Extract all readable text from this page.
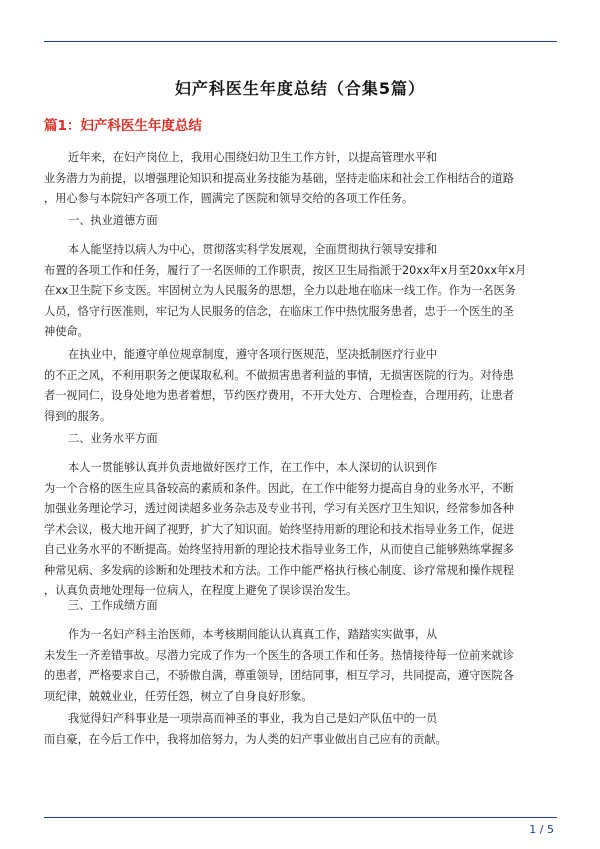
妇产科医生年度总结（合集5篇）
篇1：妇产科医生年度总结
近年来，在妇产岗位上，我用心围绕妇幼卫生工作方针，以提高管理水平和
业务潜力为前提，以增强理论知识和提高业务技能为基础，坚持走临床和社会工作相结合的道路
，用心参与本院妇产各项工作，圆满完了医院和领导交给的各项工作任务。
一、执业道德方面
本人能坚持以病人为中心，贯彻落实科学发展观，全面贯彻执行领导安排和
布置的各项工作和任务，履行了一名医师的工作职责，按区卫生局指派于20xx年x月至20xx年x月
在xx卫生院下乡支医。牢固树立为人民服务的思想，全力以赴地在临床一线工作。作为一名医务
人员，恪守行医准则，牢记为人民服务的信念，在临床工作中热忱服务患者，忠于一个医生的圣
神使命。
在执业中，能遵守单位规章制度，遵守各项行医规范，坚决抵制医疗行业中
的不正之风，不利用职务之便谋取私利。不做损害患者利益的事情，无损害医院的行为。对待患
者一视同仁，设身处地为患者着想，节约医疗费用，不开大处方、合理检查，合理用药，让患者
得到的服务。
二、业务水平方面
本人一贯能够认真并负责地做好医疗工作，在工作中，本人深切的认识到作
为一个合格的医生应具备较高的素质和条件。因此，在工作中能努力提高自身的业务水平，不断
加强业务理论学习，透过阅读超多业务杂志及专业书刊，学习有关医疗卫生知识，经常参加各种
学术会议，极大地开阔了视野，扩大了知识面。始终坚持用新的理论和技术指导业务工作，促进
自己业务水平的不断提高。始终坚持用新的理论技术指导业务工作，从而使自己能够熟练掌握多
种常见病、多发病的诊断和处理技术和方法。工作中能严格执行核心制度、诊疗常规和操作规程
，认真负责地处理每一位病人，在程度上避免了误诊误治发生。
三、工作成绩方面
作为一名妇产科主治医师，本考核期间能认认真真工作，踏踏实实做事，从
未发生一齐差错事故。尽潜力完成了作为一个医生的各项工作和任务。热情接待每一位前来就诊
的患者，严格要求自己，不骄傲自满，尊重领导，团结同事，相互学习，共同提高，遵守医院各
项纪律，兢兢业业，任劳任怨，树立了自身良好形象。
我觉得妇产科事业是一项崇高而神圣的事业，我为自己是妇产队伍中的一员
而自豪，在今后工作中，我将加倍努力，为人类的妇产事业做出自己应有的贡献。
1 / 5
